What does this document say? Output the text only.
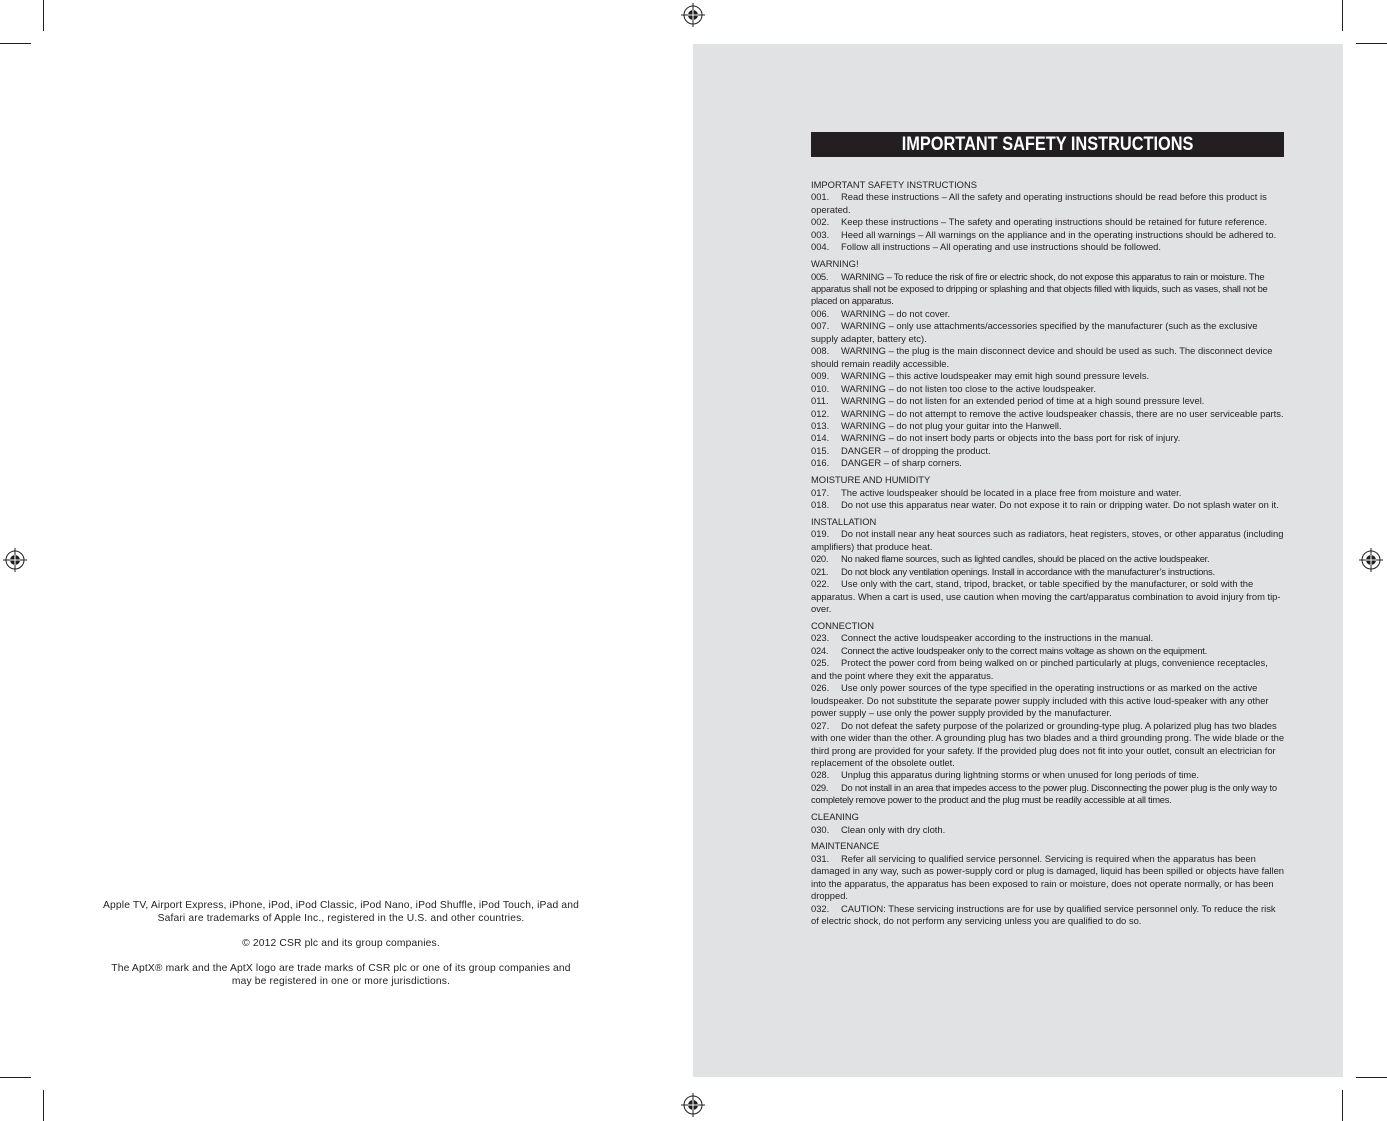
Apple TV, Airport Express, iPhone, iPod, iPod Classic, iPod Nano, iPod Shuffle, iPod Touch, iPad and Safari are trademarks of Apple Inc., registered in the U.S. and other countries.

© 2012 CSR plc and its group companies.

The AptX® mark and the AptX logo are trade marks of CSR plc or one of its group companies and may be registered in one or more jurisdictions.

IMPORTANT SAFETY INSTRUCTIONS
IMPORTANT SAFETY INSTRUCTIONS
001. Read these instructions – All the safety and operating instructions should be read before this product is operated.
002. Keep these instructions – The safety and operating instructions should be retained for future reference.
003. Heed all warnings – All warnings on the appliance and in the operating instructions should be adhered to.
004. Follow all instructions – All operating and use instructions should be followed.
WARNING!
005. WARNING – To reduce the risk of fire or electric shock, do not expose this apparatus to rain or moisture. The apparatus shall not be exposed to dripping or splashing and that objects filled with liquids, such as vases, shall not be placed on apparatus.
006. WARNING – do not cover.
007. WARNING – only use attachments/accessories specified by the manufacturer (such as the exclusive supply adapter, battery etc).
008. WARNING – the plug is the main disconnect device and should be used as such. The disconnect device should remain readily accessible.
009. WARNING – this active loudspeaker may emit high sound pressure levels.
010. WARNING – do not listen too close to the active loudspeaker.
011. WARNING – do not listen for an extended period of time at a high sound pressure level.
012. WARNING – do not attempt to remove the active loudspeaker chassis, there are no user serviceable parts.
013. WARNING – do not plug your guitar into the Hanwell.
014. WARNING – do not insert body parts or objects into the bass port for risk of injury.
015. DANGER – of dropping the product.
016. DANGER – of sharp corners.
MOISTURE AND HUMIDITY
017. The active loudspeaker should be located in a place free from moisture and water.
018. Do not use this apparatus near water. Do not expose it to rain or dripping water. Do not splash water on it.
INSTALLATION
019. Do not install near any heat sources such as radiators, heat registers, stoves, or other apparatus (including amplifiers) that produce heat.
020. No naked flame sources, such as lighted candles, should be placed on the active loudspeaker.
021. Do not block any ventilation openings. Install in accordance with the manufacturer’s instructions.
022. Use only with the cart, stand, tripod, bracket, or table specified by the manufacturer, or sold with the apparatus. When a cart is used, use caution when moving the cart/apparatus combination to avoid injury from tip-over.
CONNECTION
023. Connect the active loudspeaker according to the instructions in the manual.
024. Connect the active loudspeaker only to the correct mains voltage as shown on the equipment.
025. Protect the power cord from being walked on or pinched particularly at plugs, convenience receptacles, and the point where they exit the apparatus.
026. Use only power sources of the type specified in the operating instructions or as marked on the active loudspeaker. Do not substitute the separate power supply included with this active loud-speaker with any other power supply – use only the power supply provided by the manufacturer.
027. Do not defeat the safety purpose of the polarized or grounding-type plug. A polarized plug has two blades with one wider than the other. A grounding plug has two blades and a third grounding prong. The wide blade or the third prong are provided for your safety. If the provided plug does not fit into your outlet, consult an electrician for replacement of the obsolete outlet.
028. Unplug this apparatus during lightning storms or when unused for long periods of time.
029. Do not install in an area that impedes access to the power plug. Disconnecting the power plug is the only way to completely remove power to the product and the plug must be readily accessible at all times.
CLEANING
030. Clean only with dry cloth.
MAINTENANCE
031. Refer all servicing to qualified service personnel. Servicing is required when the apparatus has been damaged in any way, such as power-supply cord or plug is damaged, liquid has been spilled or objects have fallen into the apparatus, the apparatus has been exposed to rain or moisture, does not operate normally, or has been dropped.
032. CAUTION: These servicing instructions are for use by qualified service personnel only. To reduce the risk of electric shock, do not perform any servicing unless you are qualified to do so.
